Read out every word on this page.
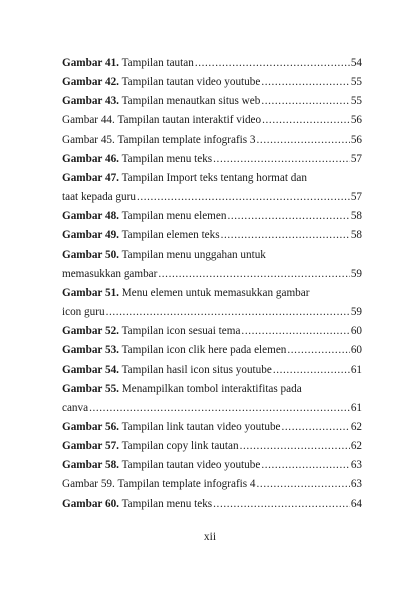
Gambar 41. Tampilan tautan .....	54
Gambar 42. Tampilan tautan video youtube .....	55
Gambar 43. Tampilan menautkan situs web .....	55
Gambar 44. Tampilan tautan interaktif video .....	56
Gambar 45. Tampilan template infografis 3 .....	56
Gambar 46. Tampilan menu teks .....	57
Gambar 47. Tampilan Import teks tentang hormat dan
taat kepada guru .....	57
Gambar 48. Tampilan menu elemen .....	58
Gambar 49. Tampilan elemen teks .....	58
Gambar 50. Tampilan menu unggahan untuk
memasukkan gambar .....	59
Gambar 51. Menu elemen untuk memasukkan gambar
icon guru .....	59
Gambar 52. Tampilan icon sesuai tema .....	60
Gambar 53. Tampilan icon clik here pada elemen .....	60
Gambar 54. Tampilan hasil icon situs youtube .....	61
Gambar 55. Menampilkan tombol interaktifitas pada
canva .....	61
Gambar 56. Tampilan link tautan video youtube .....	62
Gambar 57. Tampilan copy link tautan .....	62
Gambar 58. Tampilan tautan video youtube .....	63
Gambar 59. Tampilan template infografis 4 .....	63
Gambar 60. Tampilan menu teks .....	64
xii
